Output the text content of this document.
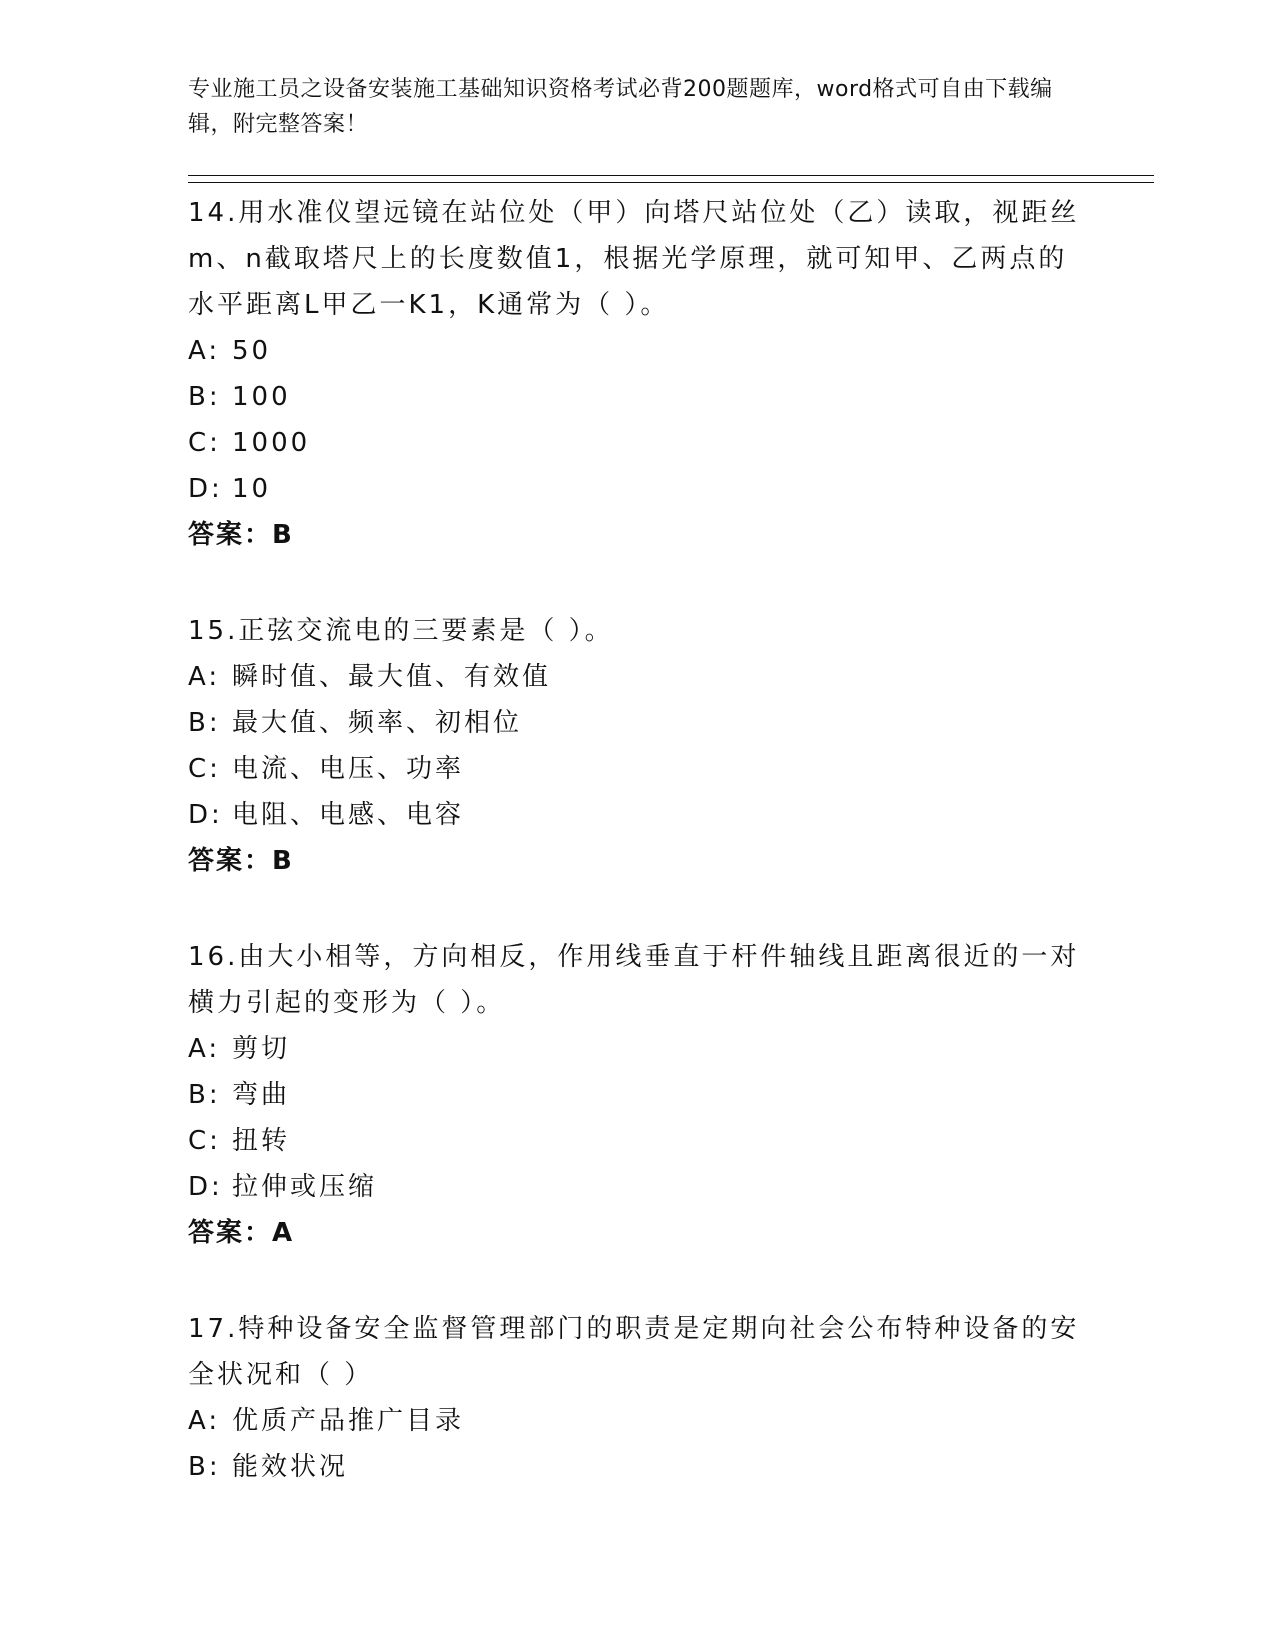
专业施工员之设备安装施工基础知识资格考试必背200题题库，word格式可自由下载编辑，附完整答案！

14.用水准仪望远镜在站位处（甲）向塔尺站位处（乙）读取，视距丝m、n截取塔尺上的长度数值1，根据光学原理，就可知甲、乙两点的水平距离L甲乙一K1，K通常为（ ）。

A: 50
B: 100
C: 1000
D: 10
答案：B

15.正弦交流电的三要素是（ ）。

A: 瞬时值、最大值、有效值
B: 最大值、频率、初相位
C: 电流、电压、功率
D: 电阻、电感、电容
答案：B

16.由大小相等，方向相反，作用线垂直于杆件轴线且距离很近的一对横力引起的变形为（ ）。

A: 剪切
B: 弯曲
C: 扭转
D: 拉伸或压缩
答案：A

17.特种设备安全监督管理部门的职责是定期向社会公布特种设备的安全状况和（ ）

A: 优质产品推广目录
B: 能效状况
